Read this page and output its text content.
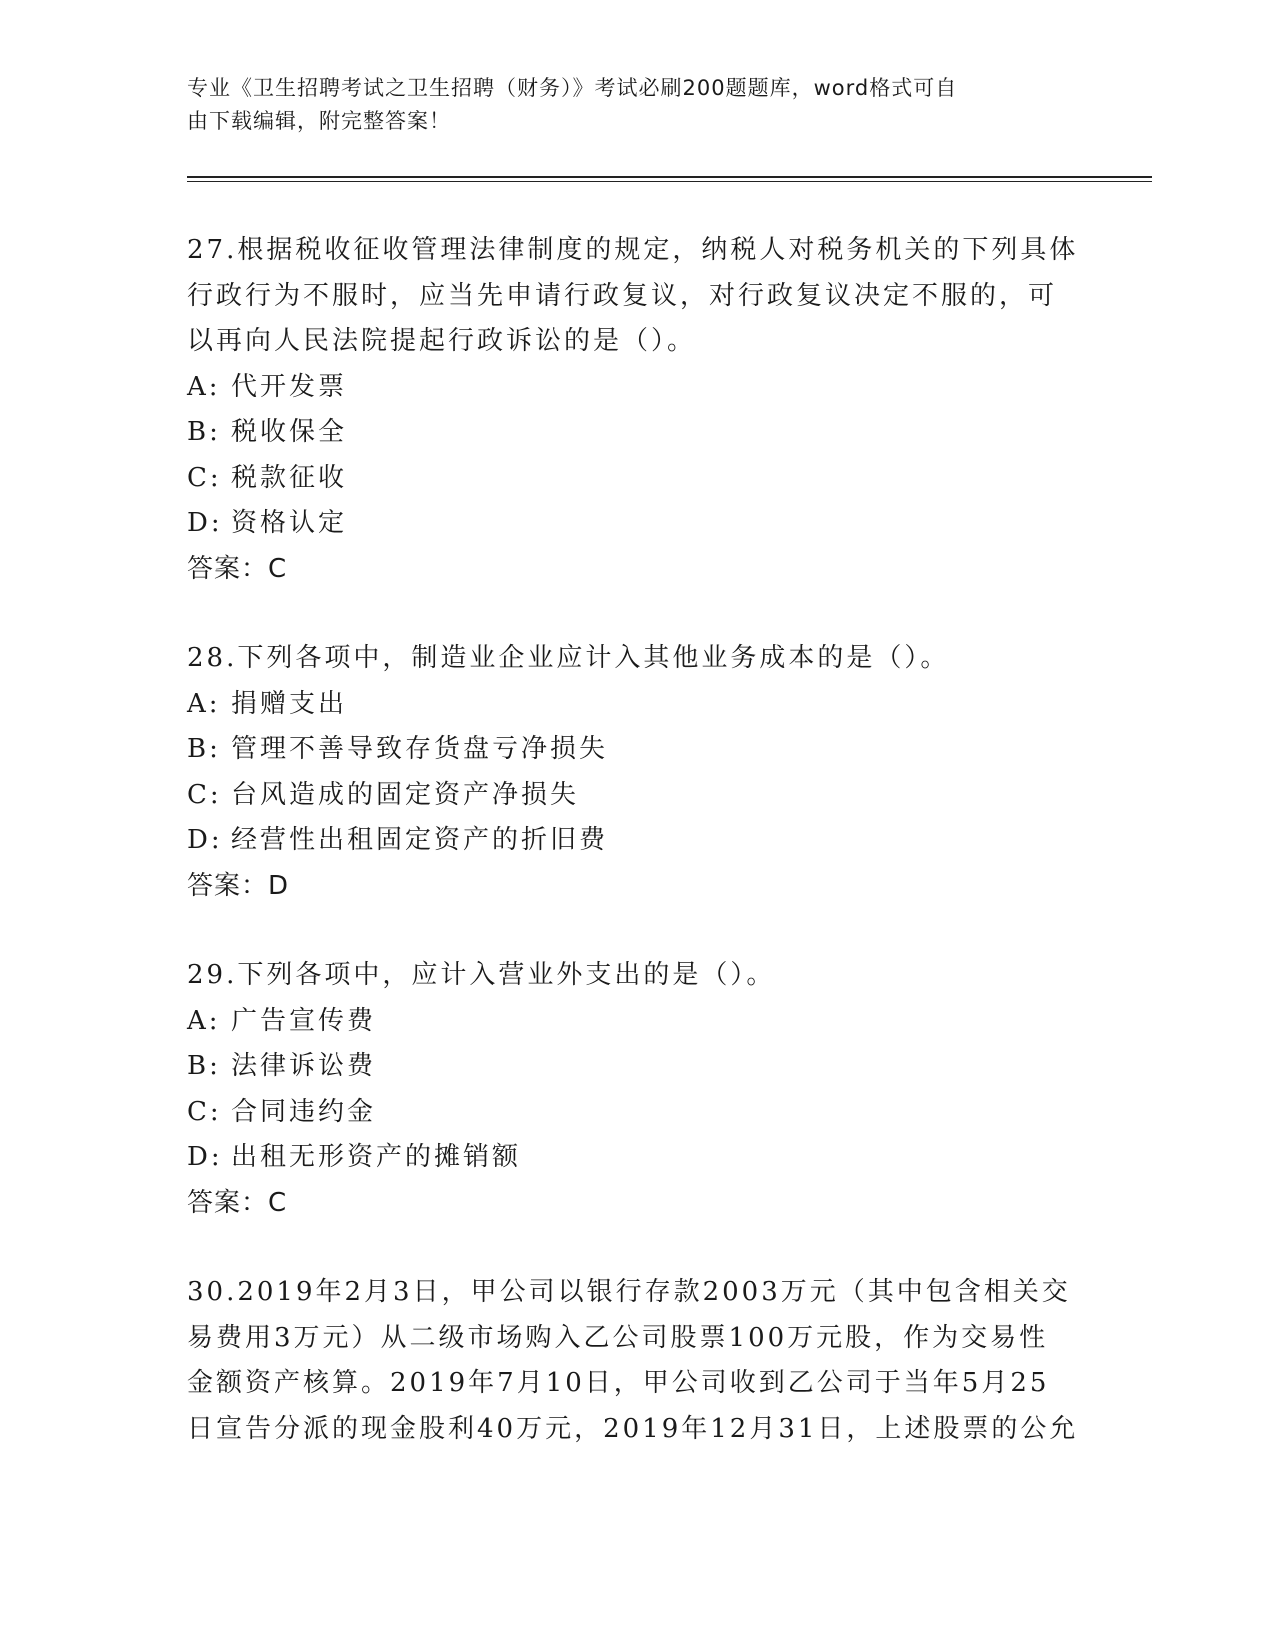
专业《卫生招聘考试之卫生招聘（财务）》考试必刷200题题库，word格式可自
由下载编辑，附完整答案！

27.根据税收征收管理法律制度的规定，纳税人对税务机关的下列具体

行政行为不服时，应当先申请行政复议，对行政复议决定不服的，可

以再向人民法院提起行政诉讼的是（）。

A: 代开发票
B: 税收保全
C: 税款征收
D: 资格认定

答案：C

28.下列各项中，制造业企业应计入其他业务成本的是（）。

A: 捐赠支出
B: 管理不善导致存货盘亏净损失
C: 台风造成的固定资产净损失
D: 经营性出租固定资产的折旧费

答案：D

29.下列各项中，应计入营业外支出的是（）。

A: 广告宣传费
B: 法律诉讼费
C: 合同违约金
D: 出租无形资产的摊销额

答案：C

30.2019年2月3日，甲公司以银行存款2003万元（其中包含相关交

易费用3万元）从二级市场购入乙公司股票100万元股，作为交易性

金额资产核算。2019年7月10日，甲公司收到乙公司于当年5月25

日宣告分派的现金股利40万元，2019年12月31日，上述股票的公允
